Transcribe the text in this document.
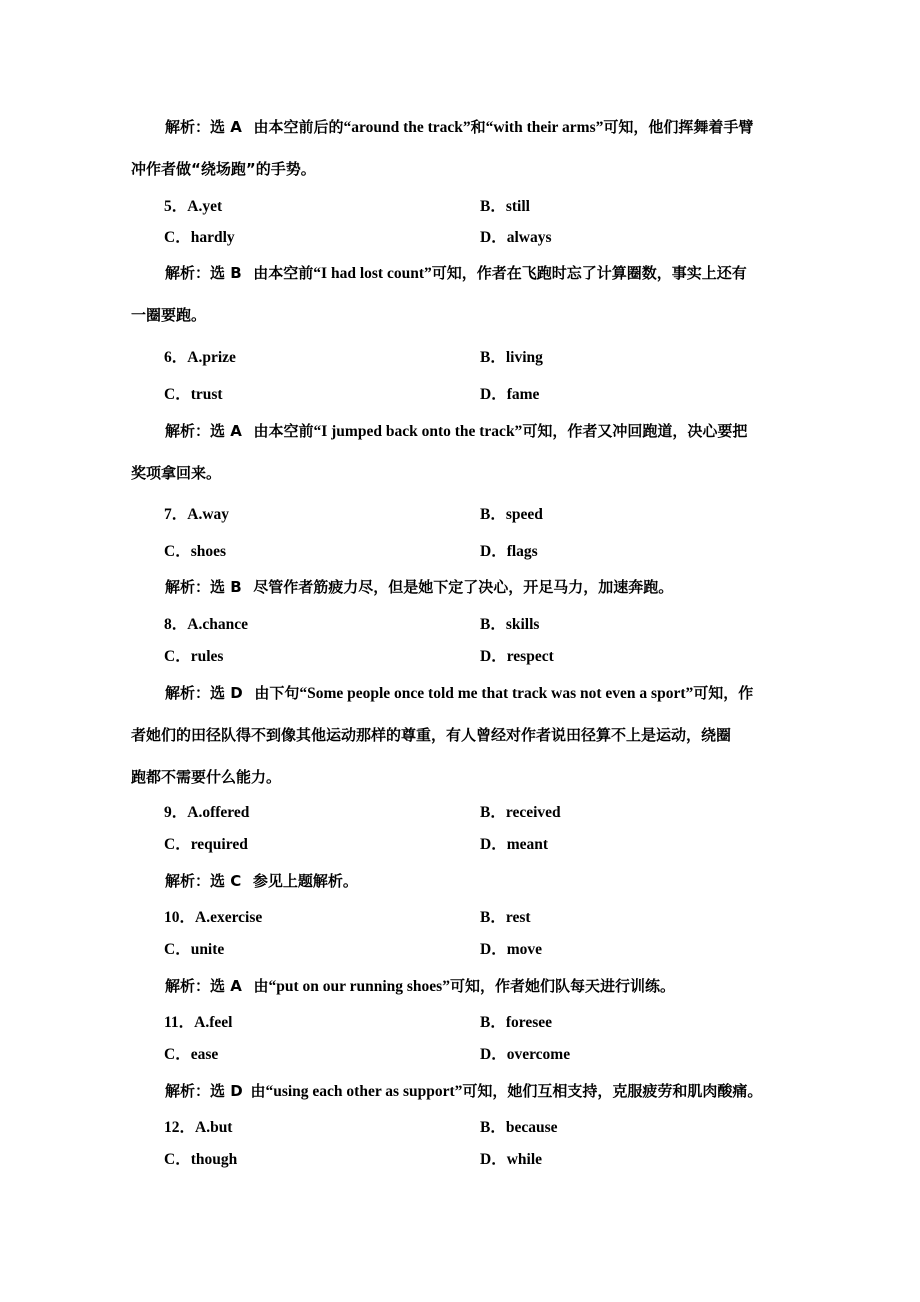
解析：选 A 由本空前后的“around the track”和“with their arms”可知，他们挥舞着手臂
冲作者做“绕场跑”的手势。
5．A.yet	B．still
C．hardly	D．always
解析：选 B 由本空前“I had lost count”可知，作者在飞跑时忘了计算圈数，事实上还有
一圈要跑。
6．A.prize	B．living
C．trust	D．fame
解析：选 A 由本空前“I jumped back onto the track”可知，作者又冲回跑道，决心要把
奖项拿回来。
7．A.way	B．speed
C．shoes	D．flags
解析：选 B 尽管作者筋疲力尽，但是她下定了决心，开足马力，加速奔跑。
8．A.chance	B．skills
C．rules	D．respect
解析：选 D 由下句“Some people once told me that track was not even a sport”可知，作
者她们的田径队得不到像其他运动那样的尊重，有人曾经对作者说田径算不上是运动，绕圈
跑都不需要什么能力。
9．A.offered	B．received
C．required	D．meant
解析：选 C 参见上题解析。
10．A.exercise	B．rest
C．unite	D．move
解析：选 A 由“put on our running shoes”可知，作者她们队每天进行训练。
11．A.feel	B．foresee
C．ease	D．overcome
解析：选 D 由“using each other as support”可知，她们互相支持，克服疲劳和肌肉酸痛。
12．A.but	B．because
C．though	D．while
